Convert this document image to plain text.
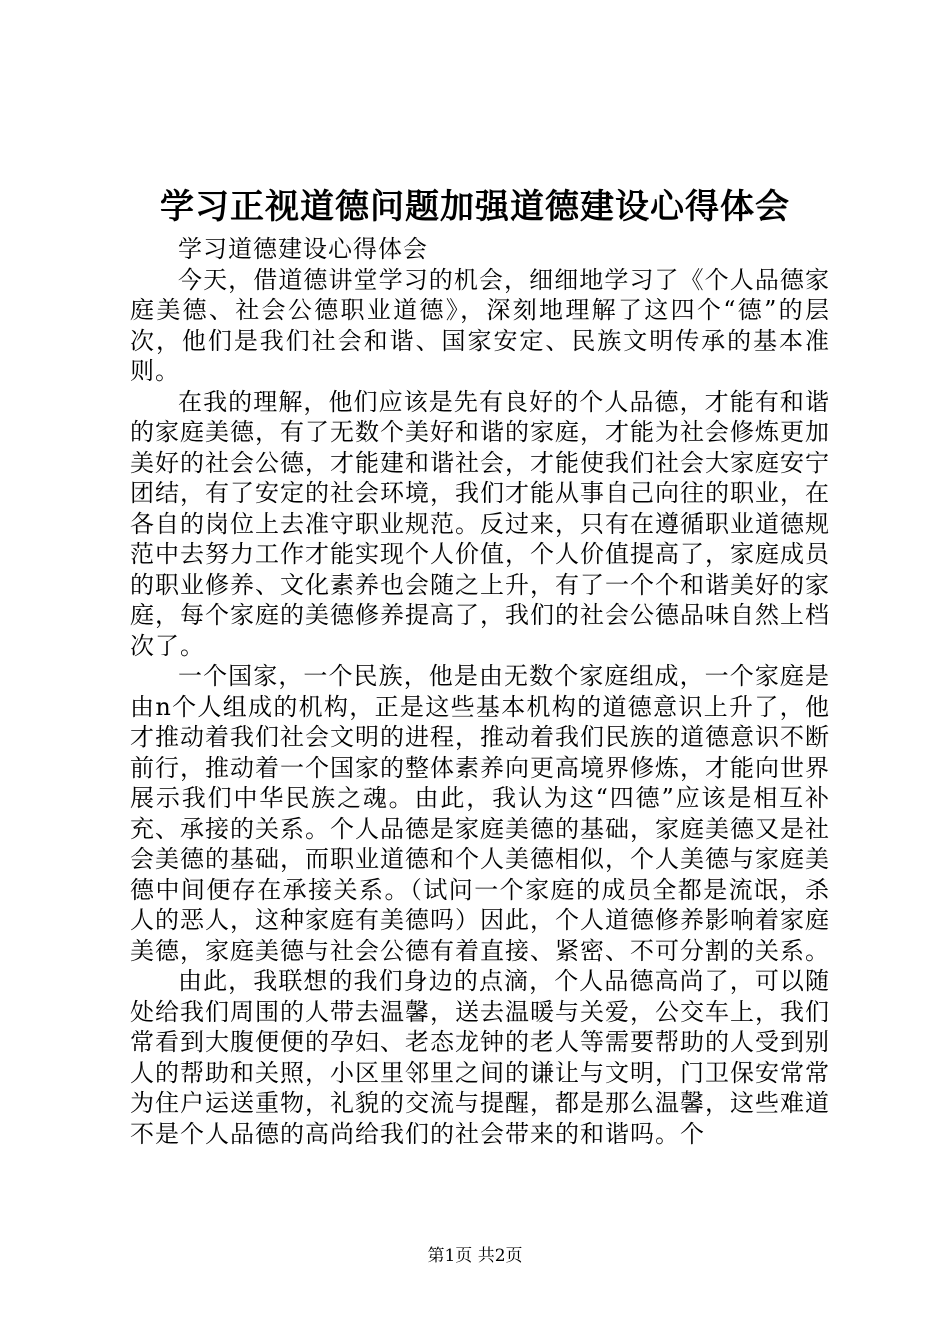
学习正视道德问题加强道德建设心得体会

学习道德建设心得体会

今天，借道德讲堂学习的机会，细细地学习了《个人品德家庭美德、社会公德职业道德》，深刻地理解了这四个“德”的层次，他们是我们社会和谐、国家安定、民族文明传承的基本准则。

在我的理解，他们应该是先有良好的个人品德，才能有和谐的家庭美德，有了无数个美好和谐的家庭，才能为社会修炼更加美好的社会公德，才能建和谐社会，才能使我们社会大家庭安宁团结，有了安定的社会环境，我们才能从事自己向往的职业，在各自的岗位上去准守职业规范。反过来，只有在遵循职业道德规范中去努力工作才能实现个人价值，个人价值提高了，家庭成员的职业修养、文化素养也会随之上升，有了一个个和谐美好的家庭，每个家庭的美德修养提高了，我们的社会公德品味自然上档次了。

一个国家，一个民族，他是由无数个家庭组成，一个家庭是由n个人组成的机构，正是这些基本机构的道德意识上升了，他才推动着我们社会文明的进程，推动着我们民族的道德意识不断前行，推动着一个国家的整体素养向更高境界修炼，才能向世界展示我们中华民族之魂。由此，我认为这“四德”应该是相互补充、承接的关系。个人品德是家庭美德的基础，家庭美德又是社会美德的基础，而职业道德和个人美德相似，个人美德与家庭美德中间便存在承接关系。（试问一个家庭的成员全都是流氓，杀人的恶人，这种家庭有美德吗）因此，个人道德修养影响着家庭美德，家庭美德与社会公德有着直接、紧密、不可分割的关系。

由此，我联想的我们身边的点滴，个人品德高尚了，可以随处给我们周围的人带去温馨，送去温暖与关爱，公交车上，我们常看到大腹便便的孕妇、老态龙钟的老人等需要帮助的人受到别人的帮助和关照，小区里邻里之间的谦让与文明，门卫保安常常为住户运送重物，礼貌的交流与提醒，都是那么温馨，这些难道不是个人品德的高尚给我们的社会带来的和谐吗。个

第1页 共2页
